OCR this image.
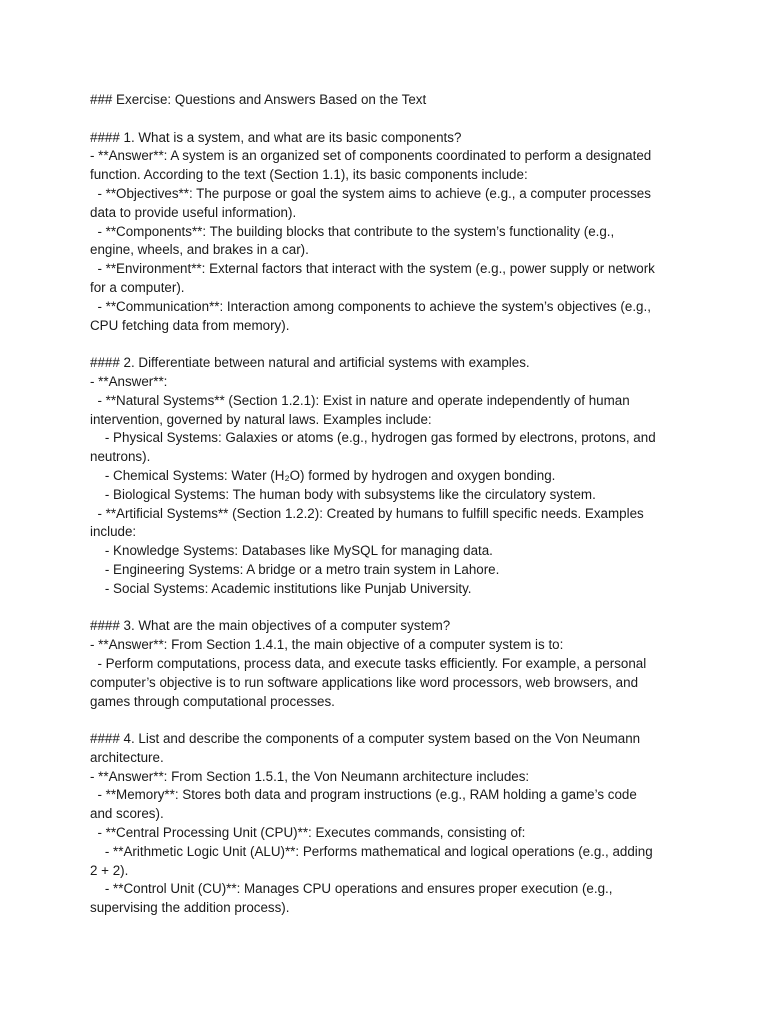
### Exercise: Questions and Answers Based on the Text
#### 1. What is a system, and what are its basic components?
- **Answer**: A system is an organized set of components coordinated to perform a designated
function. According to the text (Section 1.1), its basic components include:
- **Objectives**: The purpose or goal the system aims to achieve (e.g., a computer processes
data to provide useful information).
- **Components**: The building blocks that contribute to the system’s functionality (e.g.,
engine, wheels, and brakes in a car).
- **Environment**: External factors that interact with the system (e.g., power supply or network
for a computer).
- **Communication**: Interaction among components to achieve the system’s objectives (e.g.,
CPU fetching data from memory).
#### 2. Differentiate between natural and artificial systems with examples.
- **Answer**:
- **Natural Systems** (Section 1.2.1): Exist in nature and operate independently of human
intervention, governed by natural laws. Examples include:
- Physical Systems: Galaxies or atoms (e.g., hydrogen gas formed by electrons, protons, and
neutrons).
- Chemical Systems: Water (H₂O) formed by hydrogen and oxygen bonding.
- Biological Systems: The human body with subsystems like the circulatory system.
- **Artificial Systems** (Section 1.2.2): Created by humans to fulfill specific needs. Examples
include:
- Knowledge Systems: Databases like MySQL for managing data.
- Engineering Systems: A bridge or a metro train system in Lahore.
- Social Systems: Academic institutions like Punjab University.
#### 3. What are the main objectives of a computer system?
- **Answer**: From Section 1.4.1, the main objective of a computer system is to:
- Perform computations, process data, and execute tasks efficiently. For example, a personal
computer’s objective is to run software applications like word processors, web browsers, and
games through computational processes.
#### 4. List and describe the components of a computer system based on the Von Neumann
architecture.
- **Answer**: From Section 1.5.1, the Von Neumann architecture includes:
- **Memory**: Stores both data and program instructions (e.g., RAM holding a game’s code
and scores).
- **Central Processing Unit (CPU)**: Executes commands, consisting of:
- **Arithmetic Logic Unit (ALU)**: Performs mathematical and logical operations (e.g., adding
2 + 2).
- **Control Unit (CU)**: Manages CPU operations and ensures proper execution (e.g.,
supervising the addition process).
